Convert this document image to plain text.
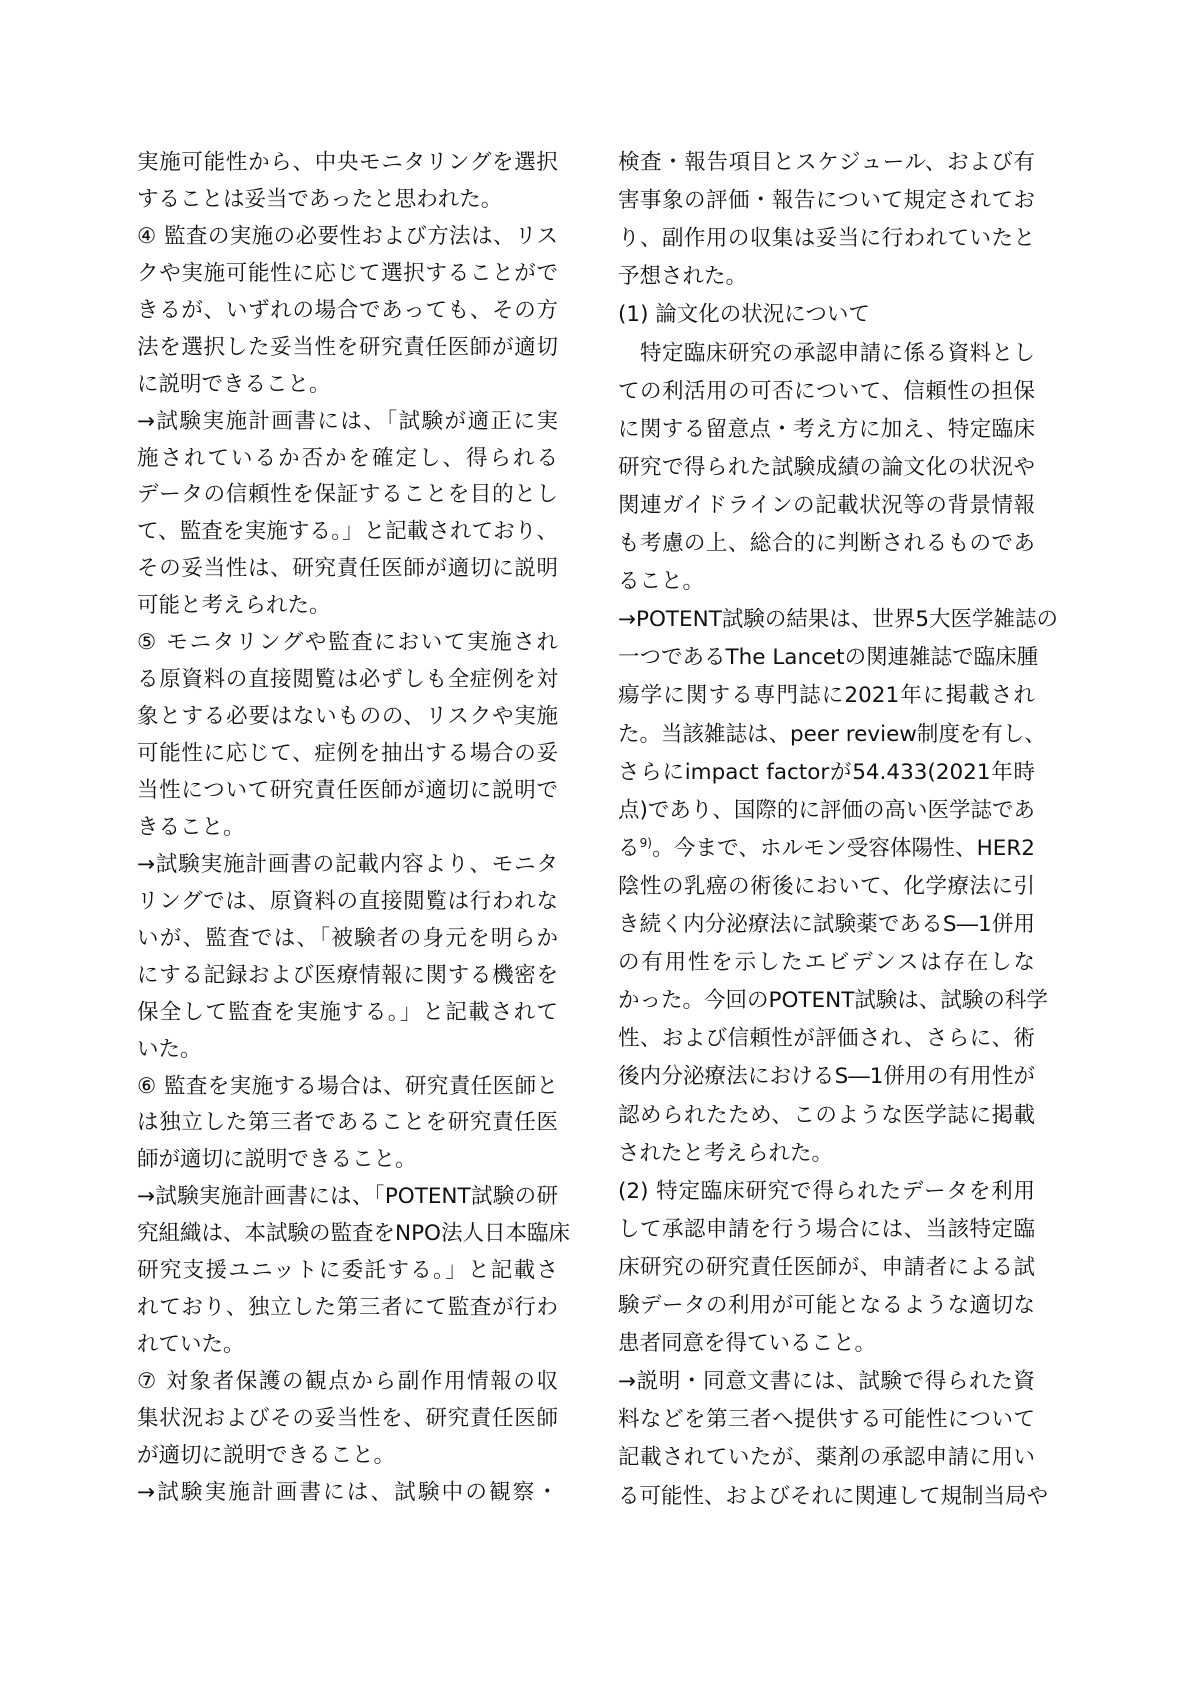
実施可能性から、中央モニタリングを選択
することは妥当であったと思われた。
④ 監査の実施の必要性および方法は、リス
クや実施可能性に応じて選択することがで
きるが、いずれの場合であっても、その方
法を選択した妥当性を研究責任医師が適切
に説明できること。
→試験実施計画書には、「試験が適正に実
施されているか否かを確定し、得られる
データの信頼性を保証することを目的とし
て、監査を実施する。」と記載されており、
その妥当性は、研究責任医師が適切に説明
可能と考えられた。
⑤ モニタリングや監査において実施され
る原資料の直接閲覧は必ずしも全症例を対
象とする必要はないものの、リスクや実施
可能性に応じて、症例を抽出する場合の妥
当性について研究責任医師が適切に説明で
きること。
→試験実施計画書の記載内容より、モニタ
リングでは、原資料の直接閲覧は行われな
いが、監査では、「被験者の身元を明らか
にする記録および医療情報に関する機密を
保全して監査を実施する。」と記載されて
いた。
⑥ 監査を実施する場合は、研究責任医師と
は独立した第三者であることを研究責任医
師が適切に説明できること。
→試験実施計画書には、「POTENT試験の研
究組織は、本試験の監査をNPO法人日本臨床
研究支援ユニットに委託する。」と記載さ
れており、独立した第三者にて監査が行わ
れていた。
⑦ 対象者保護の観点から副作用情報の収
集状況およびその妥当性を、研究責任医師
が適切に説明できること。
→試験実施計画書には、試験中の観察・
検査・報告項目とスケジュール、および有
害事象の評価・報告について規定されてお
り、副作用の収集は妥当に行われていたと
予想された。
(1) 論文化の状況について
　特定臨床研究の承認申請に係る資料とし
ての利活用の可否について、信頼性の担保
に関する留意点・考え方に加え、特定臨床
研究で得られた試験成績の論文化の状況や
関連ガイドラインの記載状況等の背景情報
も考慮の上、総合的に判断されるものであ
ること。
→POTENT試験の結果は、世界5大医学雑誌の
一つであるThe Lancetの関連雑誌で臨床腫
瘍学に関する専門誌に2021年に掲載され
た。当該雑誌は、peer review制度を有し、
さらにimpact factorが54.433(2021年時
点)であり、国際的に評価の高い医学誌であ
る$^{9)}$。今まで、ホルモン受容体陽性、HER2
陰性の乳癌の術後において、化学療法に引
き続く内分泌療法に試験薬であるS―1併用
の有用性を示したエビデンスは存在しな
かった。今回のPOTENT試験は、試験の科学
性、および信頼性が評価され、さらに、術
後内分泌療法におけるS―1併用の有用性が
認められたため、このような医学誌に掲載
されたと考えられた。
(2) 特定臨床研究で得られたデータを利用
して承認申請を行う場合には、当該特定臨
床研究の研究責任医師が、申請者による試
験データの利用が可能となるような適切な
患者同意を得ていること。
→説明・同意文書には、試験で得られた資
料などを第三者へ提供する可能性について
記載されていたが、薬剤の承認申請に用い
る可能性、およびそれに関連して規制当局や
